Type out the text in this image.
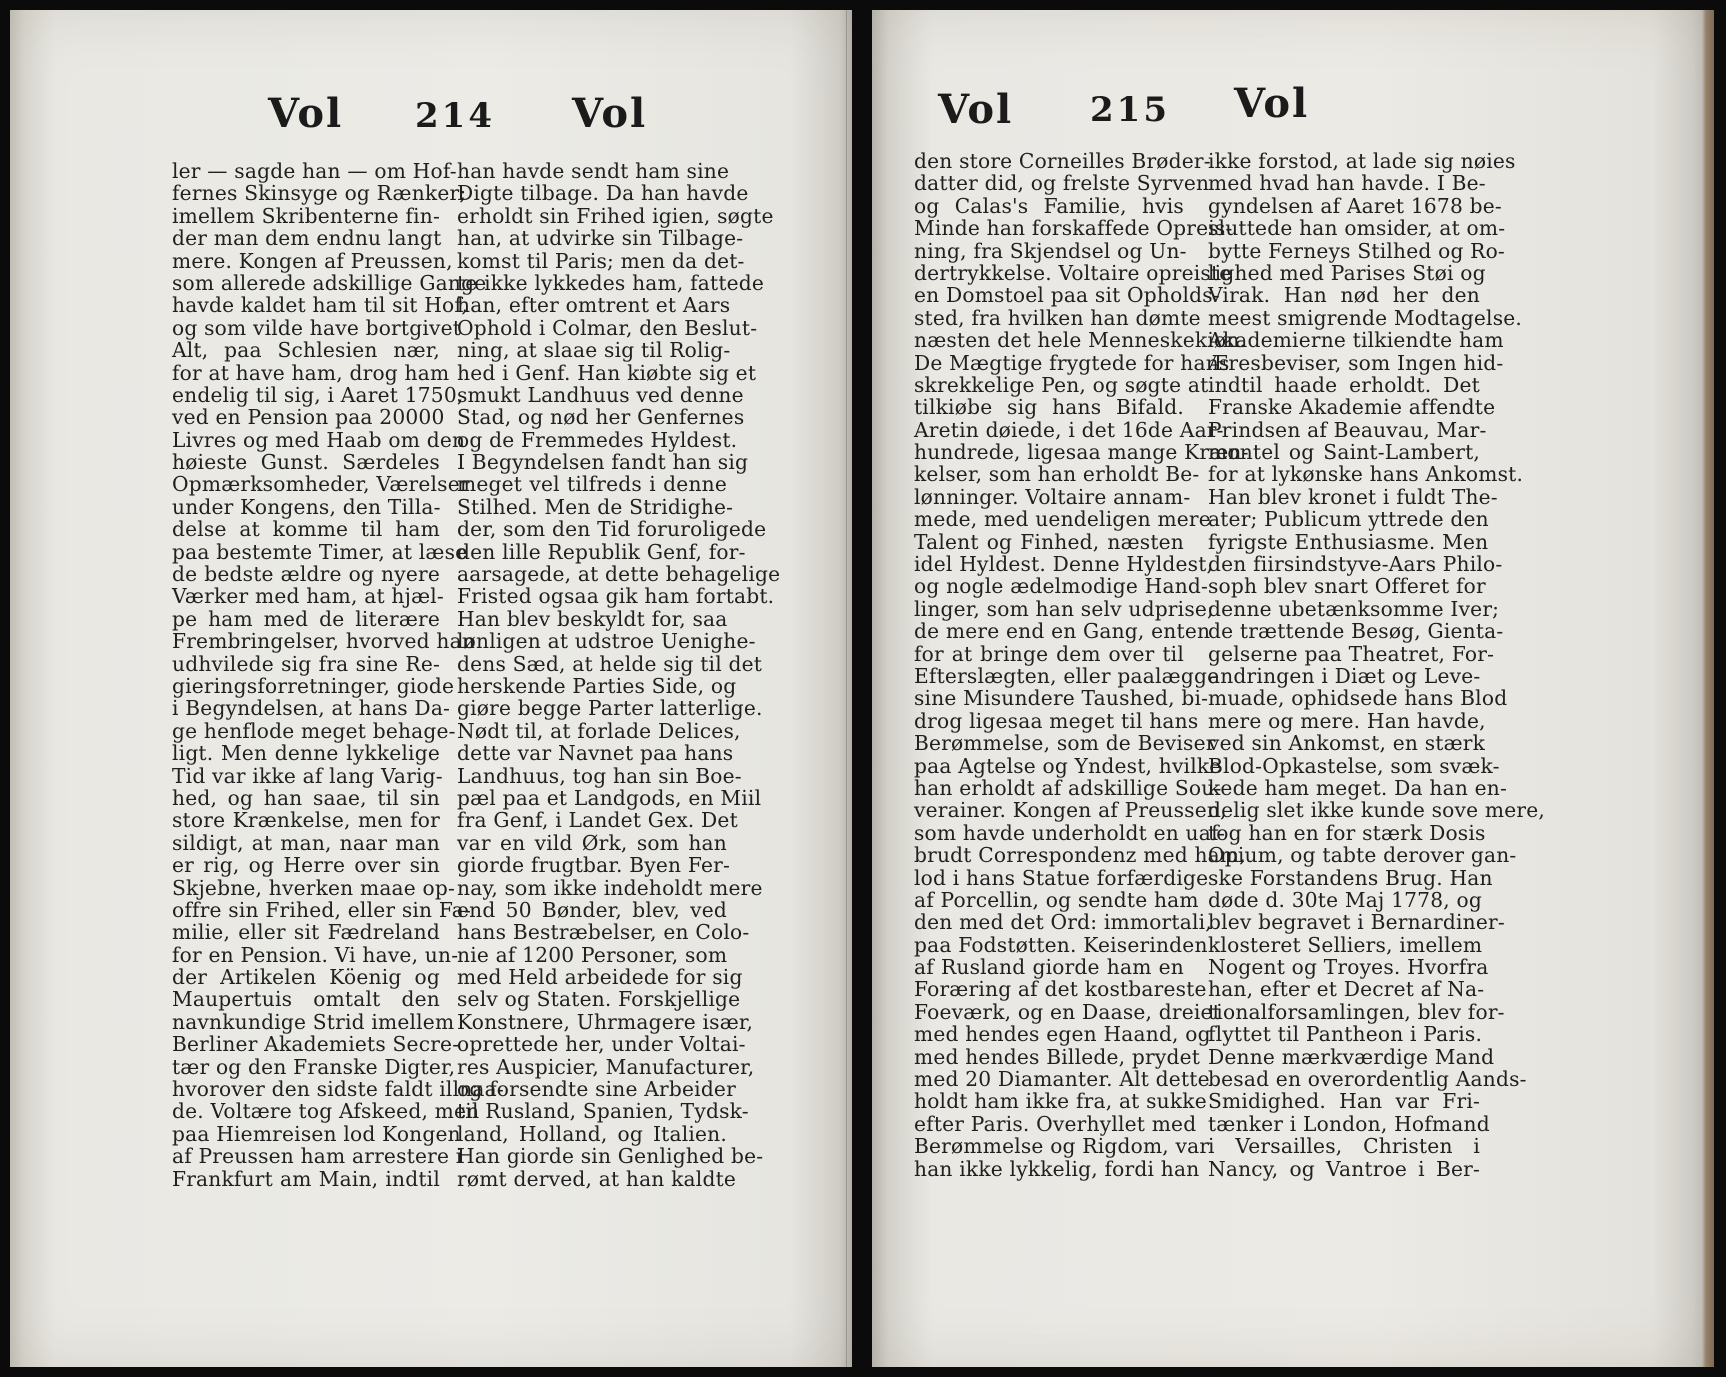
Vol 214 Vol
ler — sagde han — om Hof-
fernes Skinsyge og Rænker;
imellem Skribenterne fin-
der man dem endnu langt
mere. Kongen af Preussen,
som allerede adskillige Gange
havde kaldet ham til sit Hof,
og som vilde have bortgivet
Alt, paa Schlesien nær,
for at have ham, drog ham
endelig til sig, i Aaret 1750,
ved en Pension paa 20000
Livres og med Haab om den
høieste Gunst. Særdeles
Opmærksomheder, Værelser
under Kongens, den Tilla-
delse at komme til ham
paa bestemte Timer, at læse
de bedste ældre og nyere
Værker med ham, at hjæl-
pe ham med de literære
Frembringelser, hvorved han
udhvilede sig fra sine Re-
gieringsforretninger, giode
i Begyndelsen, at hans Da-
ge henflode meget behage-
ligt. Men denne lykkelige
Tid var ikke af lang Varig-
hed, og han saae, til sin
store Krænkelse, men for
sildigt, at man, naar man
er rig, og Herre over sin
Skjebne, hverken maae op-
offre sin Frihed, eller sin Fa-
milie, eller sit Fædreland
for en Pension. Vi have, un-
der Artikelen Köenig og
Maupertuis omtalt den
navnkundige Strid imellem
Berliner Akademiets Secre-
tær og den Franske Digter,
hvorover den sidste faldt illnaa-
de. Voltære tog Afskeed, men
paa Hiemreisen lod Kongen
af Preussen ham arrestere i
Frankfurt am Main, indtil
han havde sendt ham sine
Digte tilbage. Da han havde
erholdt sin Frihed igien, søgte
han, at udvirke sin Tilbage-
komst til Paris; men da det-
te ikke lykkedes ham, fattede
han, efter omtrent et Aars
Ophold i Colmar, den Beslut-
ning, at slaae sig til Rolig-
hed i Genf. Han kiøbte sig et
smukt Landhuus ved denne
Stad, og nød her Genfernes
og de Fremmedes Hyldest.
I Begyndelsen fandt han sig
meget vel tilfreds i denne
Stilhed. Men de Stridighe-
der, som den Tid foruroligede
den lille Republik Genf, for-
aarsagede, at dette behagelige
Fristed ogsaa gik ham fortabt.
Han blev beskyldt for, saa
lønligen at udstroe Uenighe-
dens Sæd, at helde sig til det
herskende Parties Side, og
giøre begge Parter latterlige.
Nødt til, at forlade Delices,
dette var Navnet paa hans
Landhuus, tog han sin Boe-
pæl paa et Landgods, en Miil
fra Genf, i Landet Gex. Det
var en vild Ørk, som han
giorde frugtbar. Byen Fer-
nay, som ikke indeholdt mere
end 50 Bønder, blev, ved
hans Bestræbelser, en Colo-
nie af 1200 Personer, som
med Held arbeidede for sig
selv og Staten. Forskjellige
Konstnere, Uhrmagere især,
oprettede her, under Voltai-
res Auspicier, Manufacturer,
og forsendte sine Arbeider
til Rusland, Spanien, Tydsk-
land, Holland, og Italien.
Han giorde sin Genlighed be-
rømt derved, at han kaldte
Vol 215 Vol
den store Corneilles Brøder-
datter did, og frelste Syrven
og Calas's Familie, hvis
Minde han forskaffede Opreis-
ning, fra Skjendsel og Un-
dertrykkelse. Voltaire opreiste
en Domstoel paa sit Opholds-
sted, fra hvilken han dømte
næsten det hele Menneskekiøn.
De Mægtige frygtede for hans
skrekkelige Pen, og søgte at
tilkiøbe sig hans Bifald.
Aretin døiede, i det 16de Aar-
hundrede, ligesaa mange Kræn-
kelser, som han erholdt Be-
lønninger. Voltaire annam-
mede, med uendeligen mere
Talent og Finhed, næsten
idel Hyldest. Denne Hyldest,
og nogle ædelmodige Hand-
linger, som han selv udprise;
de mere end en Gang, enten
for at bringe dem over til
Efterslægten, eller paalægge
sine Misundere Taushed, bi-
drog ligesaa meget til hans
Berømmelse, som de Beviser
paa Agtelse og Yndest, hvilke
han erholdt af adskillige Sou-
verainer. Kongen af Preussen,
som havde underholdt en uaf-
brudt Correspondenz med ham,
lod i hans Statue forfærdige
af Porcellin, og sendte ham
den med det Ord: immortali,
paa Fodstøtten. Keiserinden
af Rusland giorde ham en
Foræring af det kostbareste
Foeværk, og en Daase, dreiet
med hendes egen Haand, og
med hendes Billede, prydet
med 20 Diamanter. Alt dette
holdt ham ikke fra, at sukke
efter Paris. Overhyllet med
Berømmelse og Rigdom, var
han ikke lykkelig, fordi han
ikke forstod, at lade sig nøies
med hvad han havde. I Be-
gyndelsen af Aaret 1678 be-
sluttede han omsider, at om-
bytte Ferneys Stilhed og Ro-
lighed med Parises Støi og
Virak. Han nød her den
meest smigrende Modtagelse.
Akademierne tilkiendte ham
Æresbeviser, som Ingen hid-
indtil haade erholdt. Det
Franske Akademie affendte
Prindsen af Beauvau, Mar-
montel og Saint-Lambert,
for at lykønske hans Ankomst.
Han blev kronet i fuldt The-
ater; Publicum yttrede den
fyrigste Enthusiasme. Men
den fiirsindstyve-Aars Philo-
soph blev snart Offeret for
denne ubetænksomme Iver;
de trættende Besøg, Gienta-
gelserne paa Theatret, For-
andringen i Diæt og Leve-
muade, ophidsede hans Blod
mere og mere. Han havde,
ved sin Ankomst, en stærk
Blod-Opkastelse, som svæk-
kede ham meget. Da han en-
delig slet ikke kunde sove mere,
tog han en for stærk Dosis
Opium, og tabte derover gan-
ske Forstandens Brug. Han
døde d. 30te Maj 1778, og
blev begravet i Bernardiner-
klosteret Selliers, imellem
Nogent og Troyes. Hvorfra
han, efter et Decret af Na-
tionalforsamlingen, blev for-
flyttet til Pantheon i Paris.
Denne mærkværdige Mand
besad en overordentlig Aands-
Smidighed. Han var Fri-
tænker i London, Hofmand
i Versailles, Christen i
Nancy, og Vantroe i Ber-
